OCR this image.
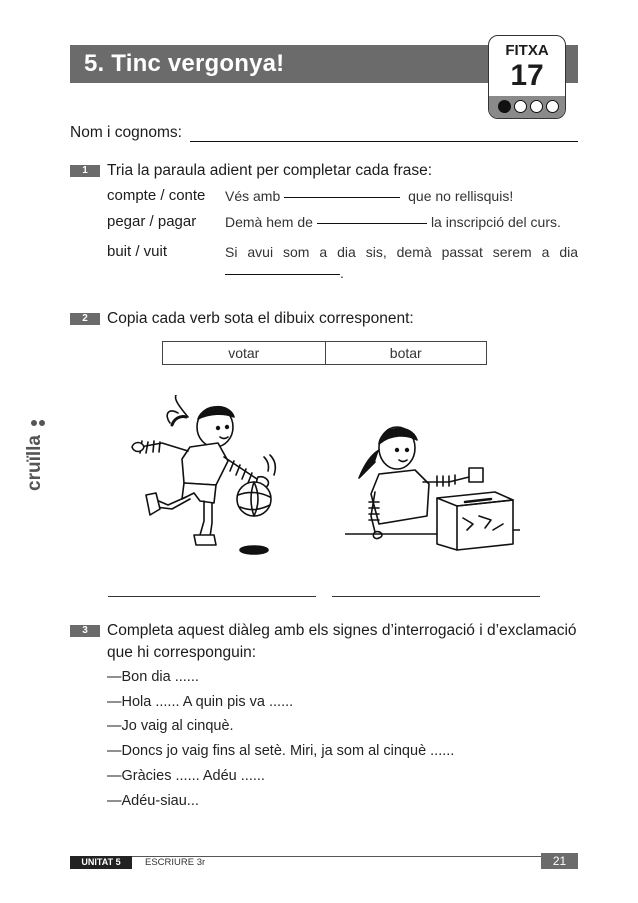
5. Tinc vergonya!	FITXA
17
Nom i cognoms:
cruïlla
1	Tria la paraula adient per completar cada frase:
compte / conte Vés amb	que no rellisquis!
pegar / pagar Demà hem de	la inscripció del curs.
buit / vuit	Si avui som a dia sis, demà passat serem a dia
.
2	Copia cada verb sota el dibuix corresponent:
votar	botar
3	Completa aquest diàleg amb els signes d’interrogació i d’exclamació
que hi corresponguin:
—Bon dia ......
—Hola ...... A quin pis va ......
—Jo vaig al cinquè.
—Doncs jo vaig fins al setè. Miri, ja som al cinquè ......
—Gràcies ...... Adéu ......
—Adéu-siau...
UNITAT 5	ESCRIURE 3r	21
